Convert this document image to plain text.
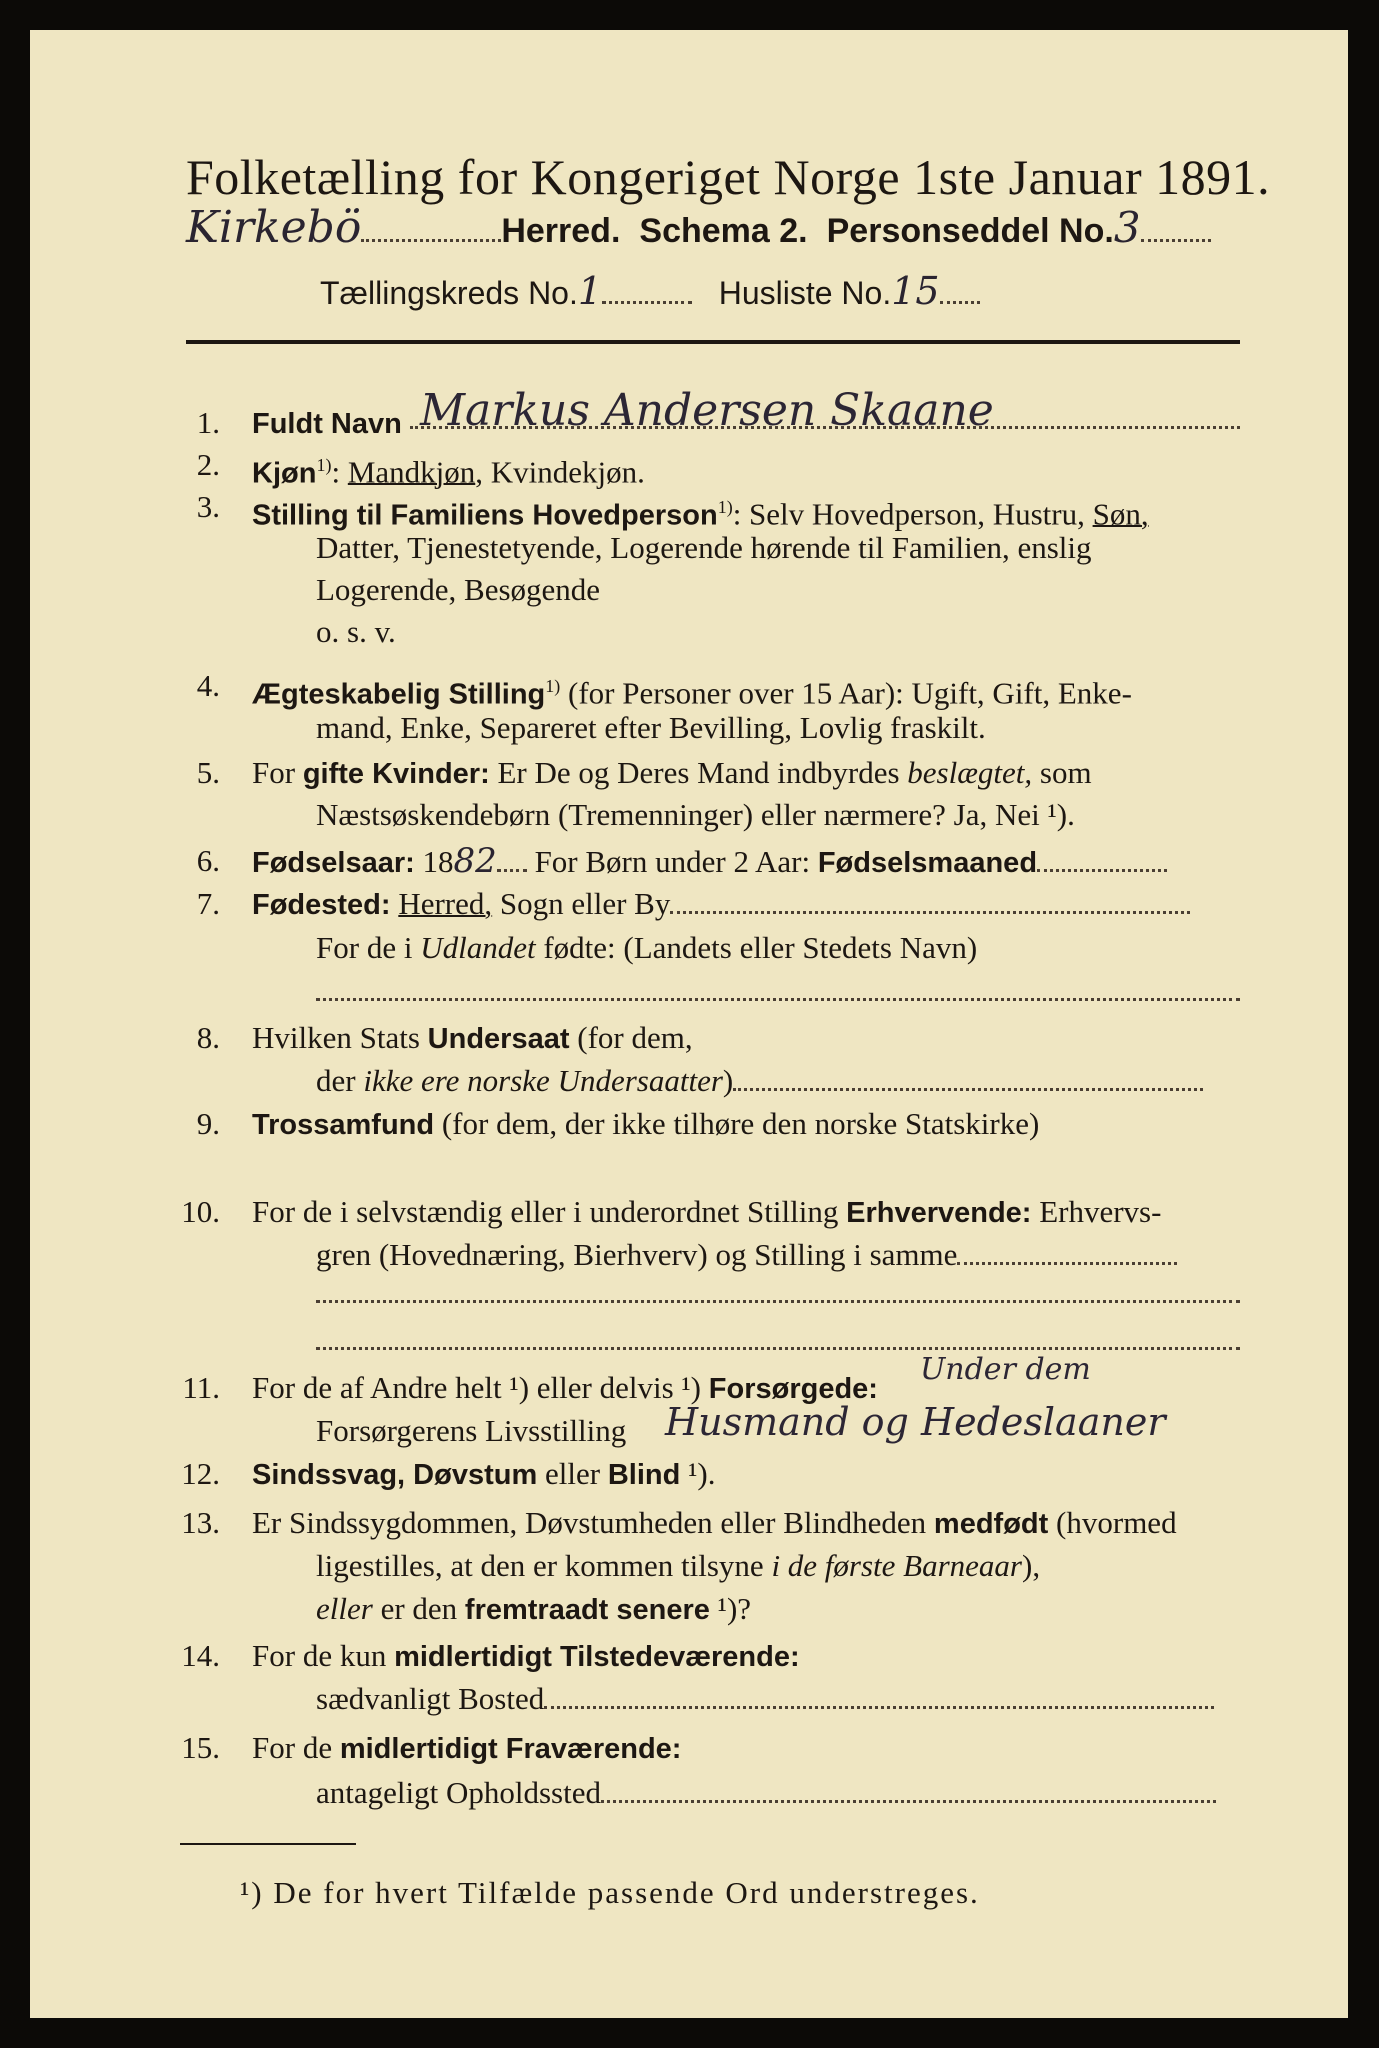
Folketælling for Kongeriget Norge 1ste Januar 1891.
Kirkebö	Herred. Schema 2. Personseddel No.3
Tællingskreds No.1	Husliste No.15
1. Fuldt Navn Markus Andersen Skaane
2. Kjøn$^{1)}$: Mandkjøn, Kvindekjøn.
3. Stilling til Familiens Hovedperson$^{1)}$: Selv Hovedperson, Hustru, Søn,
Datter, Tjenestetyende, Logerende hørende til Familien, enslig
Logerende, Besøgende
o. s. v.
4. Ægteskabelig Stilling$^{1)}$ (for Personer over 15 Aar): Ugift, Gift, Enke-
mand, Enke, Separeret efter Bevilling, Lovlig fraskilt.
5. For gifte Kvinder: Er De og Deres Mand indbyrdes beslægtet, som
Næstsøskendebørn (Tremenninger) eller nærmere? Ja, Nei ¹).
6. Fødselsaar: 1882 For Børn under 2 Aar: Fødselsmaaned
7. Fødested: Herred, Sogn eller By
For de i Udlandet fødte: (Landets eller Stedets Navn)
8. Hvilken Stats Undersaat (for dem,
der ikke ere norske Undersaatter)
9. Trossamfund (for dem, der ikke tilhøre den norske Statskirke)
10. For de i selvstændig eller i underordnet Stilling Erhvervende: Erhvervs-
gren (Hovednæring, Bierhverv) og Stilling i samme
11. For de af Andre helt ¹) eller delvis ¹) Forsørgede:
Under dem
Forsørgerens Livsstilling Husmand og Hedeslaaner
12. Sindssvag, Døvstum eller Blind ¹).
13. Er Sindssygdommen, Døvstumheden eller Blindheden medfødt (hvormed
ligestilles, at den er kommen tilsyne i de første Barneaar),
eller er den fremtraadt senere ¹)?
14. For de kun midlertidigt Tilstedeværende:
sædvanligt Bosted
15. For de midlertidigt Fraværende:
antageligt Opholdssted
¹) De for hvert Tilfælde passende Ord understreges.
